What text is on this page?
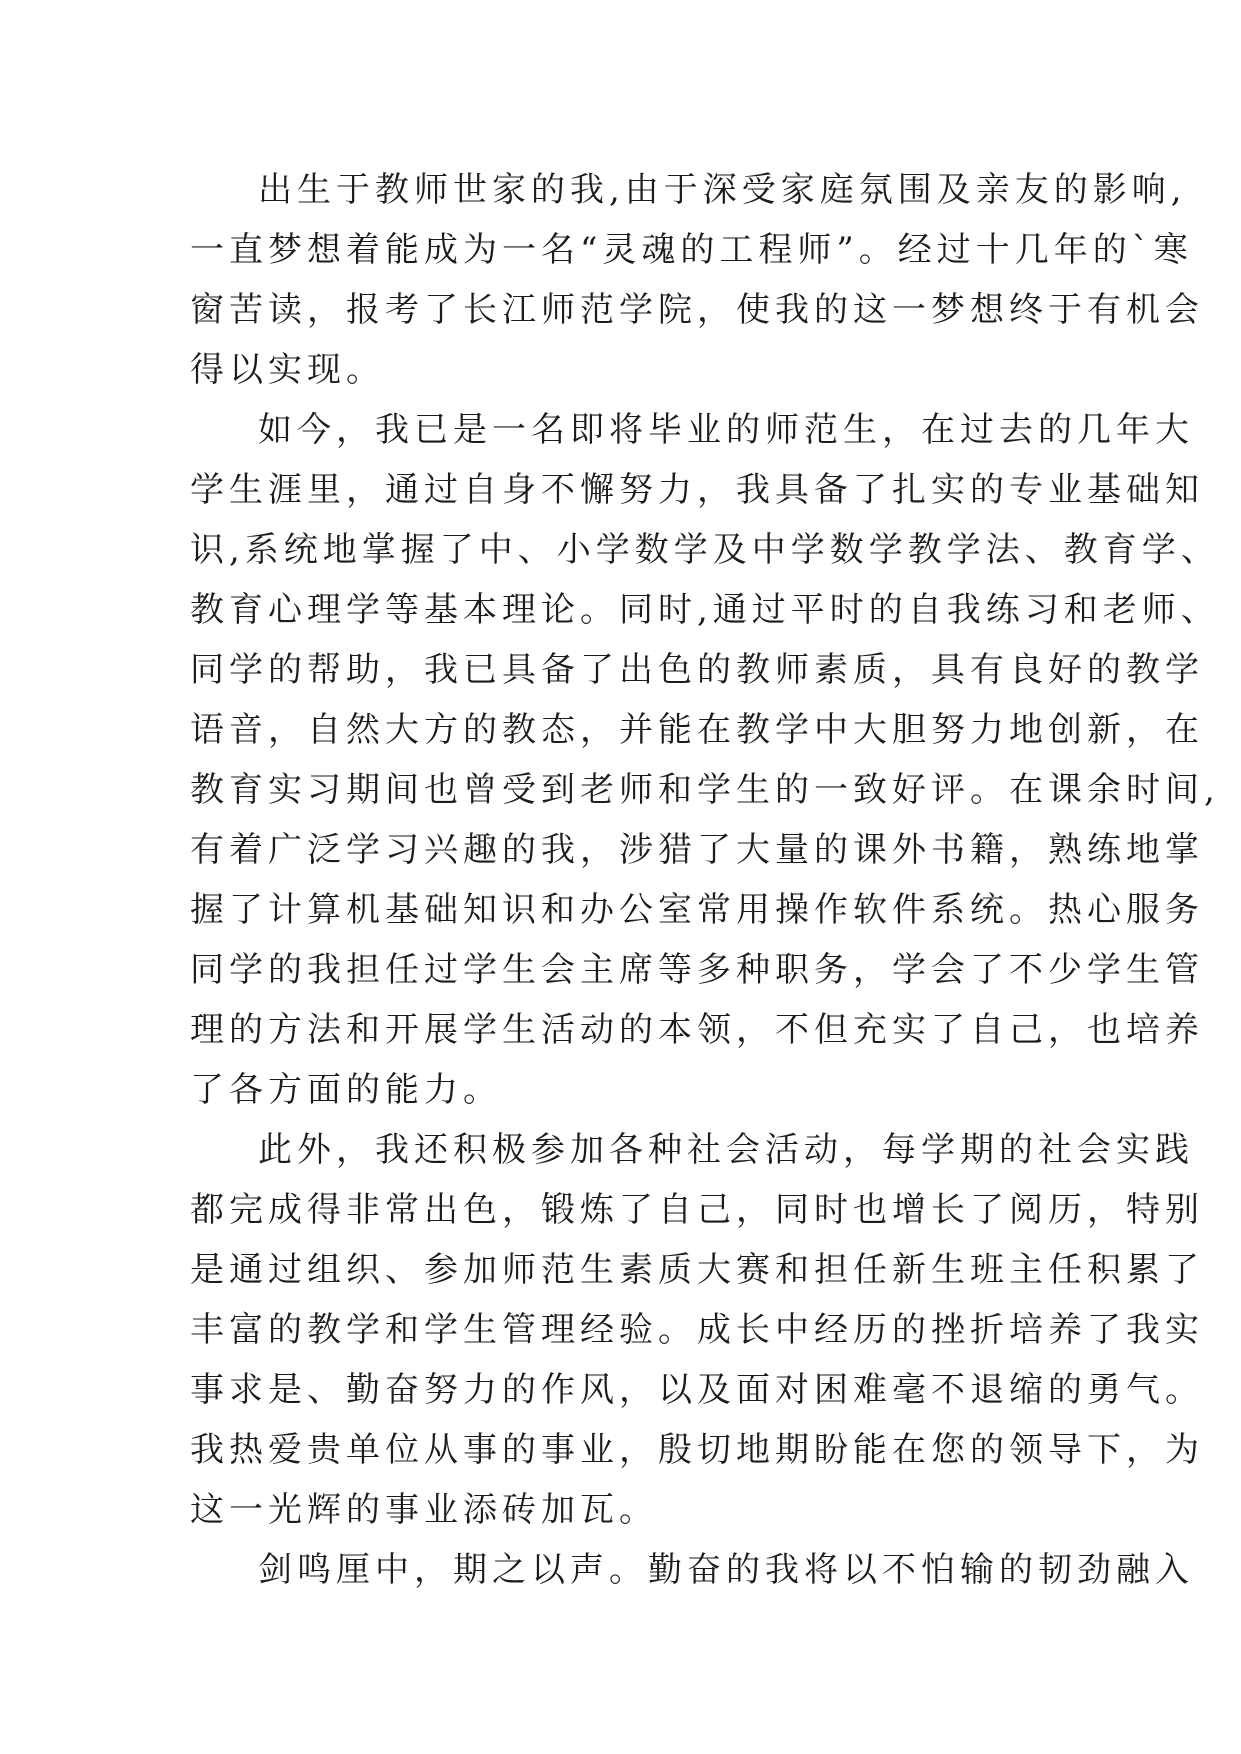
出生于教师世家的我,由于深受家庭氛围及亲友的影响,
一直梦想着能成为一名“灵魂的工程师”。经过十几年的`寒
窗苦读，报考了长江师范学院，使我的这一梦想终于有机会
得以实现。
如今，我已是一名即将毕业的师范生，在过去的几年大
学生涯里，通过自身不懈努力，我具备了扎实的专业基础知
识,系统地掌握了中、小学数学及中学数学教学法、教育学、
教育心理学等基本理论。同时,通过平时的自我练习和老师、
同学的帮助，我已具备了出色的教师素质，具有良好的教学
语音，自然大方的教态，并能在教学中大胆努力地创新，在
教育实习期间也曾受到老师和学生的一致好评。在课余时间,
有着广泛学习兴趣的我，涉猎了大量的课外书籍，熟练地掌
握了计算机基础知识和办公室常用操作软件系统。热心服务
同学的我担任过学生会主席等多种职务，学会了不少学生管
理的方法和开展学生活动的本领，不但充实了自己，也培养
了各方面的能力。
此外，我还积极参加各种社会活动，每学期的社会实践
都完成得非常出色，锻炼了自己，同时也增长了阅历，特别
是通过组织、参加师范生素质大赛和担任新生班主任积累了
丰富的教学和学生管理经验。成长中经历的挫折培养了我实
事求是、勤奋努力的作风，以及面对困难毫不退缩的勇气。
我热爱贵单位从事的事业，殷切地期盼能在您的领导下，为
这一光辉的事业添砖加瓦。
剑鸣厘中，期之以声。勤奋的我将以不怕输的韧劲融入
